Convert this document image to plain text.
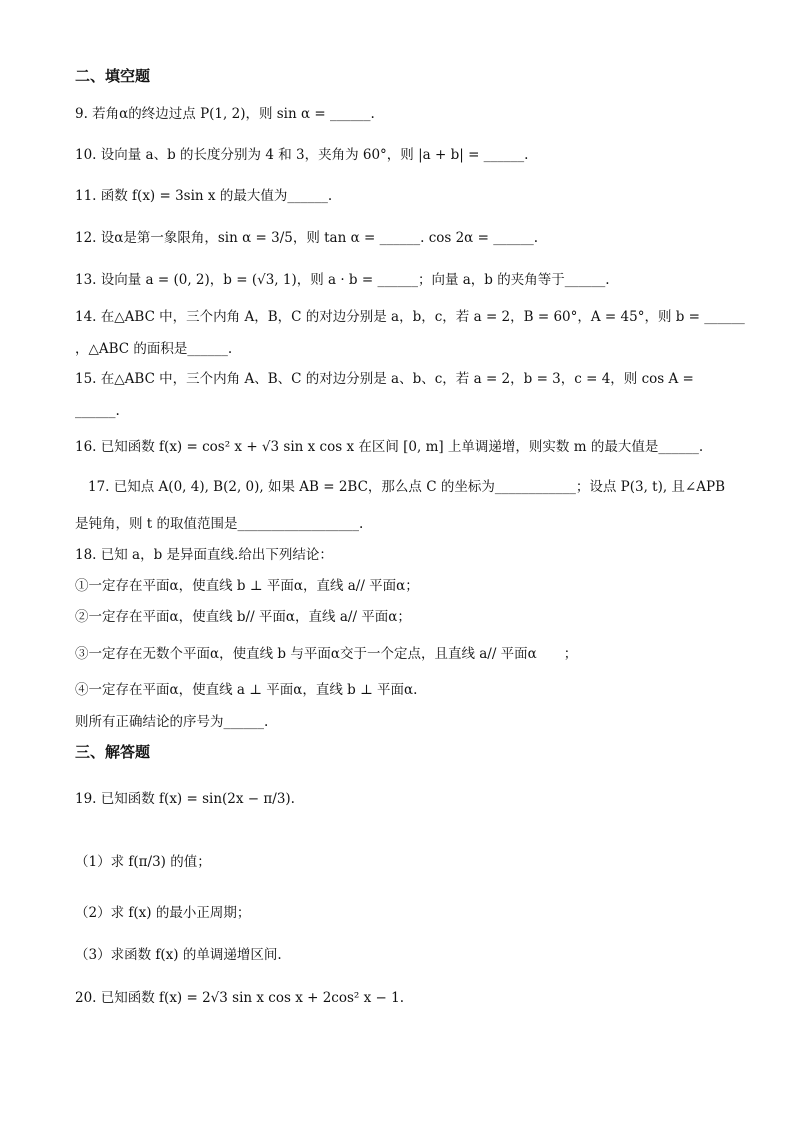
二、填空题
9. 若角α的终边过点 P(1, 2)，则 sin α = ______.
10. 设向量 a、b 的长度分别为 4 和 3，夹角为 60°，则 |a + b| = ______.
11. 函数 f(x) = 3sin x 的最大值为______.
12. 设α是第一象限角，sin α = 3/5，则 tan α = ______. cos 2α = ______.
13. 设向量 a = (0, 2)，b = (√3, 1)，则 a · b = ______；向量 a，b 的夹角等于______.
14. 在△ABC 中，三个内角 A，B，C 的对边分别是 a，b，c，若 a = 2，B = 60°，A = 45°，则 b = ______
，△ABC 的面积是______.
15. 在△ABC 中，三个内角 A、B、C 的对边分别是 a、b、c，若 a = 2，b = 3，c = 4，则 cos A =
______.
16. 已知函数 f(x) = cos² x + √3 sin x cos x 在区间 [0, m] 上单调递增，则实数 m 的最大值是______.
17. 已知点 A(0, 4), B(2, 0), 如果 AB = 2BC，那么点 C 的坐标为____________；设点 P(3, t), 且∠APB
是钝角，则 t 的取值范围是__________________.
18. 已知 a，b 是异面直线.给出下列结论：
①一定存在平面α，使直线 b ⊥ 平面α，直线 a// 平面α；
②一定存在平面α，使直线 b// 平面α，直线 a// 平面α；
③一定存在无数个平面α，使直线 b 与平面α交于一个定点，且直线 a// 平面α　　；
④一定存在平面α，使直线 a ⊥ 平面α，直线 b ⊥ 平面α.
则所有正确结论的序号为______.
三、解答题
19. 已知函数 f(x) = sin(2x − π/3).
（1）求 f(π/3) 的值；
（2）求 f(x) 的最小正周期；
（3）求函数 f(x) 的单调递增区间.
20. 已知函数 f(x) = 2√3 sin x cos x + 2cos² x − 1.
